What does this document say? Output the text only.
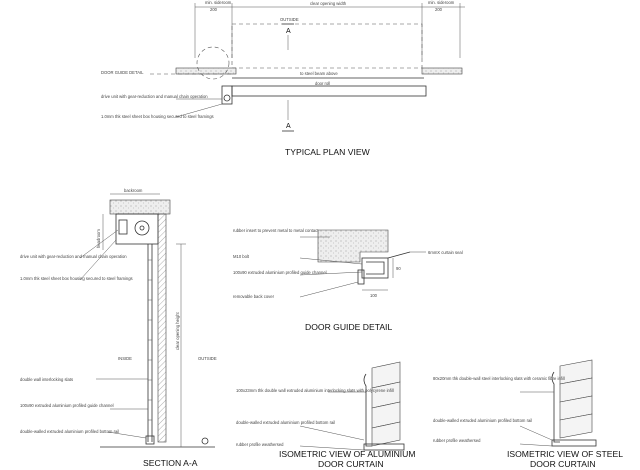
min. sideroom
200
clear opening width	min. sideroom
200
OUTSIDE
A
to steel beam above
door roll
DOOR GUIDE DETAIL
drive unit with gear-reduction and manual chain operation
1.0mm thk steel sheet box housing secured to steel framings
A
TYPICAL PLAN VIEW
backroom
headroom
clear opening height
INSIDE	OUTSIDE
drive unit with gear-reduction and manual chain operation
1.0mm thk steel sheet box housing secured to steel framings
double wall interlocking slats
100x90 extruded aluminium profiled guide channel
double-walled extruded aluminium profiled bottom rail
SECTION A-A
100
90
rubber insert to prevent metal to metal contact
M10 bolt
100x90 extruded aluminium profiled guide channel
removable back cover
6mmX curtain seal
DOOR GUIDE DETAIL
100x23mm thk double wall extruded aluminium interlocking slats with polycyrene infill
double-walled extruded aluminium profiled bottom rail
rubber profile weathersed
ISOMETRIC VIEW OF ALUMINIUM
DOOR CURTAIN
80x20mm thk double-wall steel interlocking slats with ceramic fibre infill
double-walled extruded aluminium profiled bottom rail
rubber profile weathersed
ISOMETRIC VIEW OF STEEL
DOOR CURTAIN
